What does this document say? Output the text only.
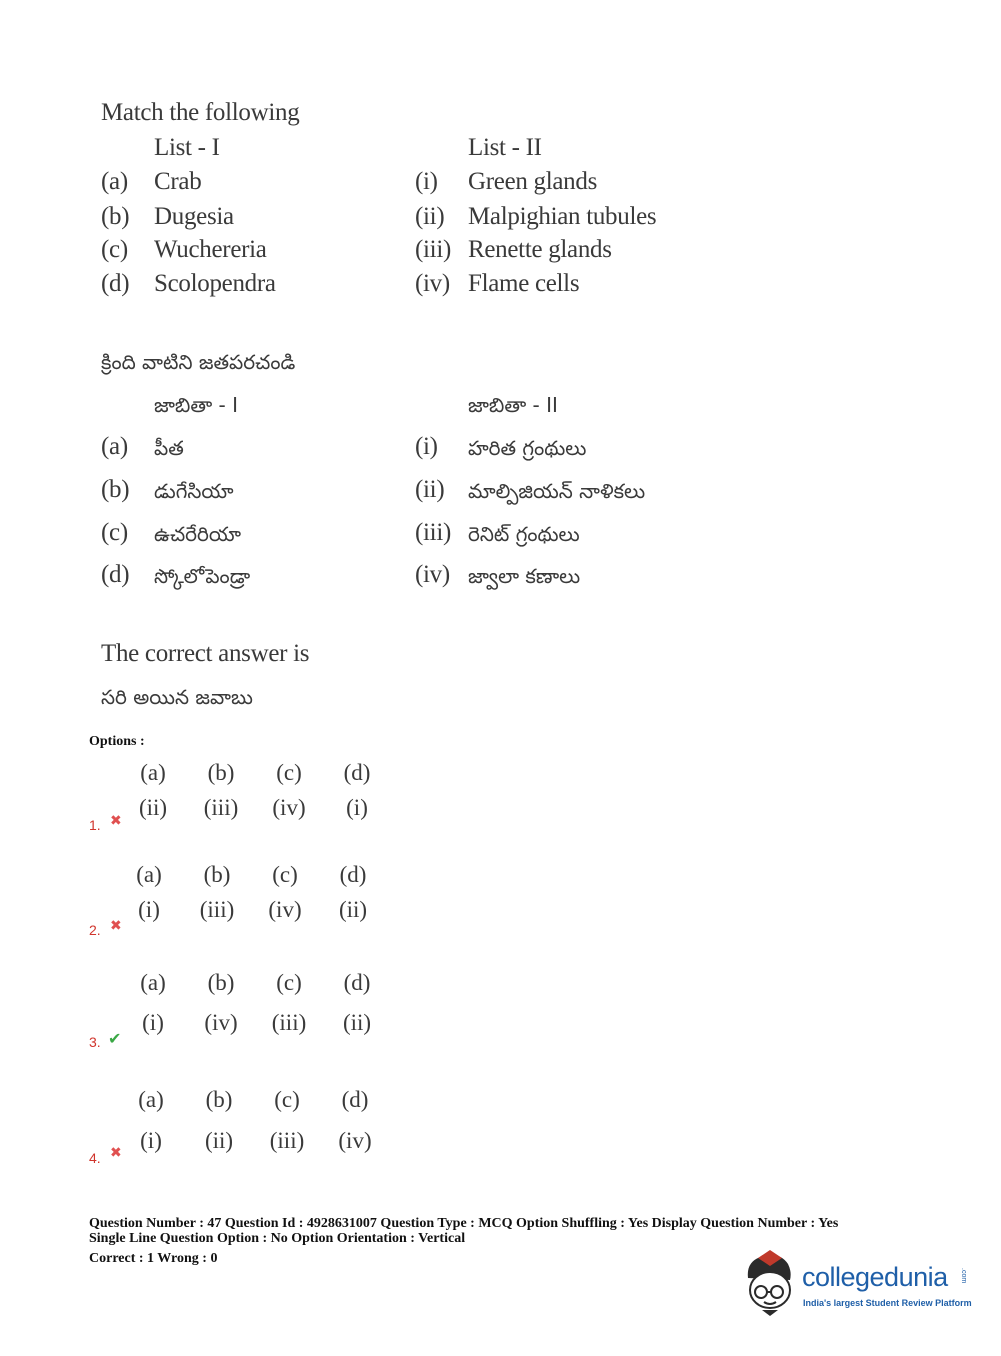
Match the following
List - I	List - II
(a) Crab	(i) Green glands
(b) Dugesia	(ii) Malpighian tubules
(c) Wuchereria	(iii) Renette glands
(d) Scolopendra	(iv) Flame cells
క్రింది వాటిని జతపరచండి
జాబితా - I	జాబితా - II
(a) పీత	(i) హరిత గ్రంథులు
(b) డుగేసియా	(ii) మాల్పిజియన్ నాళికలు
(c) ఉచరేరియా	(iii) రెనిట్ గ్రంథులు
(d) స్కోలోపెండ్రా	(iv) జ్వాలా కణాలు
The correct answer is
సరి అయిన జవాబు
Options :
1. ✖
(a)	(b)	(c)	(d)
(ii)	(iii)	(iv)	(i)
2. ✖
(a)	(b)	(c)	(d)
(i)	(iii)	(iv)	(ii)
3. ✔
(a)	(b)	(c)	(d)
(i)	(iv)	(iii)	(ii)
4. ✖
(a)	(b)	(c)	(d)
(i)	(ii)	(iii)	(iv)
Question Number : 47 Question Id : 4928631007 Question Type : MCQ Option Shuffling : Yes Display Question Number : Yes
Single Line Question Option : No Option Orientation : Vertical
Correct : 1 Wrong : 0
collegedunia .com
India's largest Student Review Platform
